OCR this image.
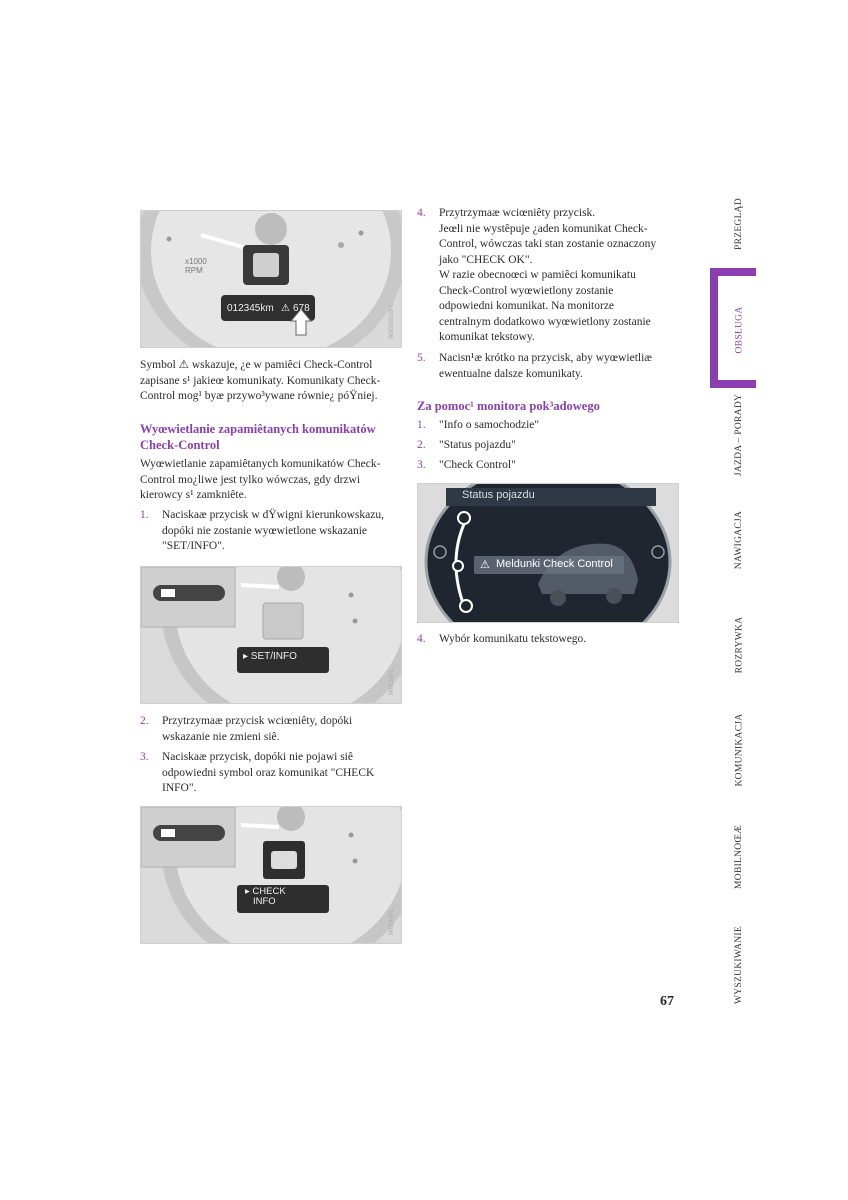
x1000
RPM
012345km ⚠ 678	W8000018PL
Symbol ⚠ wskazuje, ¿e w pamiêci Check-Control
zapisane s¹ jakieœ komunikaty. Komunikaty Check-
Control mog¹ byæ przywo³ywane równie¿ póŸniej.
Wyœwietlanie zapamiêtanych komunikatów
Check-Control
Wyœwietlanie zapamiêtanych komunikatów Check-
Control mo¿liwe jest tylko wówczas, gdy drzwi
kierowcy s¹ zamkniête.
1.	Naciskaæ przycisk w dŸwigni kierunkowskazu,
dopóki nie zostanie wyœwietlone wskazanie
"SET/INFO".
▸ SET/INFO
W8130PL
2.	Przytrzymaæ przycisk wciœniêty, dopóki
wskazanie nie zmieni siê.
3.	Naciskaæ przycisk, dopóki nie pojawi siê
odpowiedni symbol oraz komunikat "CHECK
INFO".
▸ CHECK
INFO
W8140PL
4.	Przytrzymaæ wciœniêty przycisk.
Jeœli nie wystêpuje ¿aden komunikat Check-
Control, wówczas taki stan zostanie oznaczony
jako "CHECK OK".
W razie obecnoœci w pamiêci komunikatu
Check-Control wyœwietlony zostanie
odpowiedni komunikat. Na monitorze
centralnym dodatkowo wyœwietlony zostanie
komunikat tekstowy.
5.	Nacisn¹æ krótko na przycisk, aby wyœwietliæ
ewentualne dalsze komunikaty.
Za pomoc¹ monitora pok³adowego
1.	"Info o samochodzie"
2.	"Status pojazdu"
3.	"Check Control"
Status pojazdu
⚠ Meldunki Check Control
4.	Wybór komunikatu tekstowego.
PRZEGLĄD
OBSŁUGA
JAZDA – PORADY
NAWIGACJA
ROZRYWKA
KOMUNIKACJA
MOBILNOŒÆ
WYSZUKIWANIE
67
